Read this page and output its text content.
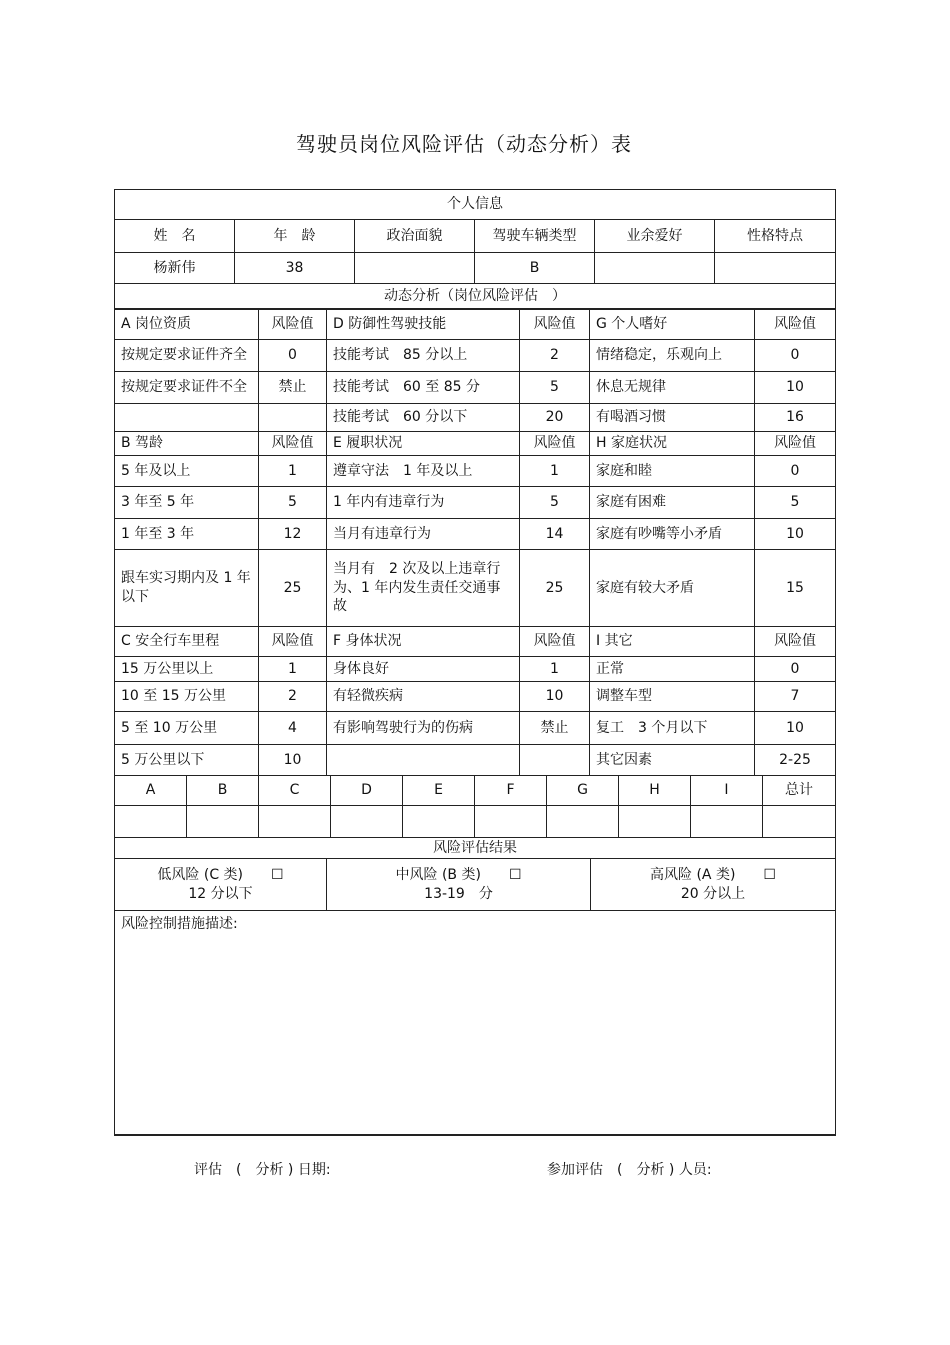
驾驶员岗位风险评估（动态分析）表
个人信息					
姓　名	年　龄	政治面貌	驾驶车辆类型	业余爱好	性格特点
杨新伟	38		B		
动态分析（岗位风险评估　）					
A 岗位资质	风险值	D 防御性驾驶技能	风险值	G 个人嗜好	风险值
按规定要求证件齐全	0	技能考试　85 分以上	2	情绪稳定，乐观向上	0
按规定要求证件不全	禁止	技能考试　60 至 85 分	5	休息无规律	10
		技能考试　60 分以下	20	有喝酒习惯	16
B 驾龄	风险值	E 履职状况	风险值	H 家庭状况	风险值
5 年及以上	1	遵章守法　1 年及以上	1	家庭和睦	0
3 年至 5 年	5	1 年内有违章行为	5	家庭有困难	5
1 年至 3 年	12	当月有违章行为	14	家庭有吵嘴等小矛盾	10
跟车实习期内及 1 年以下	25	当月有　2 次及以上违章行为、1 年内发生责任交通事故	25	家庭有较大矛盾	15
C 安全行车里程	风险值	F 身体状况	风险值	I 其它	风险值
15 万公里以上	1	身体良好	1	正常	0
10 至 15 万公里	2	有轻微疾病	10	调整车型	7
5 至 10 万公里	4	有影响驾驶行为的伤病	禁止	复工　3 个月以下	10
5 万公里以下	10			其它因素	2-25
A	B	C	D	E	F	G	H	I	总计

风险评估结果

低风险 (C 类) ☐
12 分以下

中风险 (B 类) ☐
13-19　分

高风险 (A 类) ☐
20 分以上

风险控制措施描述:
评估　(　分析 ) 日期:	参加评估　(　分析 ) 人员:
